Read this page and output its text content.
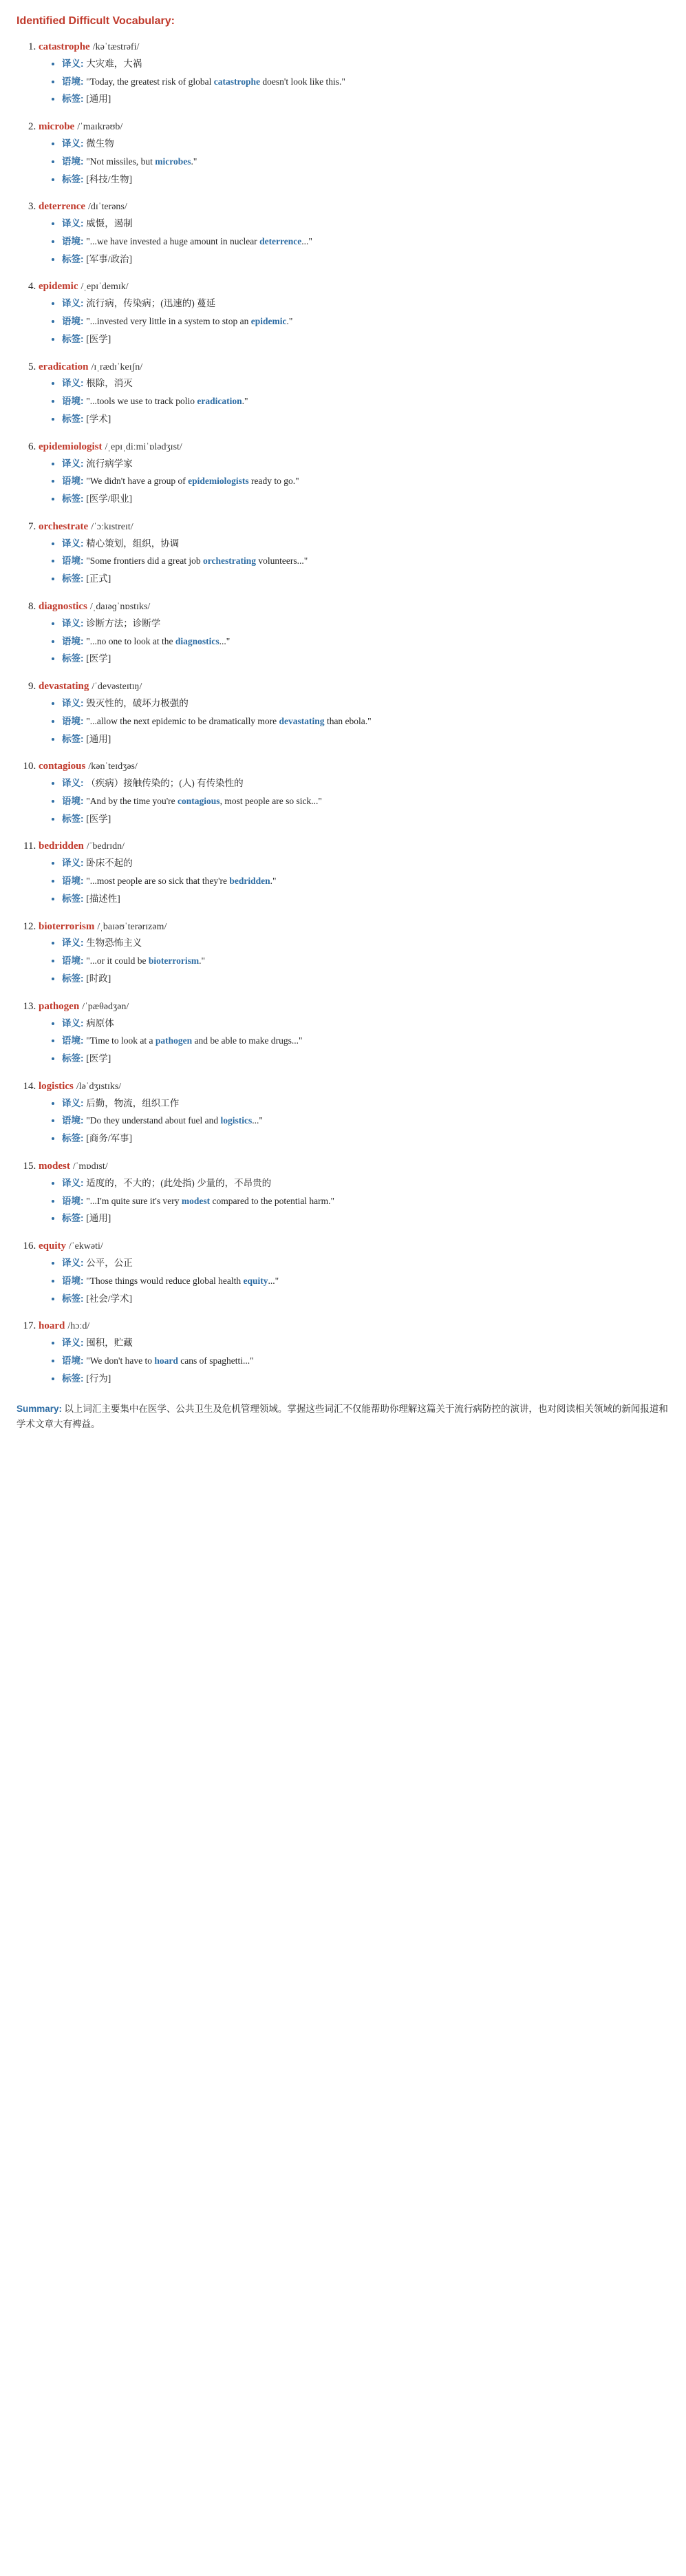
Identified Difficult Vocabulary:
1. catastrophe /kəˈtæstrəfi/
• 译义: 大灾难，大祸
• 语境: "Today, the greatest risk of global catastrophe doesn't look like this."
• 标签: [通用]
2. microbe /ˈmaɪkrəʊb/
• 译义: 微生物
• 语境: "Not missiles, but microbes."
• 标签: [科技/生物]
3. deterrence /dɪˈterəns/
• 译义: 威慑，遏制
• 语境: "...we have invested a huge amount in nuclear deterrence..."
• 标签: [军事/政治]
4. epidemic /ˌepɪˈdemɪk/
• 译义: 流行病，传染病；(迅速的) 蔓延
• 语境: "...invested very little in a system to stop an epidemic."
• 标签: [医学]
5. eradication /ɪˌrædɪˈkeɪʃn/
• 译义: 根除，消灭
• 语境: "...tools we use to track polio eradication."
• 标签: [学术]
6. epidemiologist /ˌepɪˌdiːmiˈɒlədʒɪst/
• 译义: 流行病学家
• 语境: "We didn't have a group of epidemiologists ready to go."
• 标签: [医学/职业]
7. orchestrate /ˈɔːkɪstreɪt/
• 译义: 精心策划，组织，协调
• 语境: "Some frontiers did a great job orchestrating volunteers..."
• 标签: [正式]
8. diagnostics /ˌdaɪəɡˈnɒstɪks/
• 译义: 诊断方法；诊断学
• 语境: "...no one to look at the diagnostics..."
• 标签: [医学]
9. devastating /ˈdevəsteɪtɪŋ/
• 译义: 毁灭性的，破坏力极强的
• 语境: "...allow the next epidemic to be dramatically more devastating than ebola."
• 标签: [通用]
10. contagious /kənˈteɪdʒəs/
• 译义: （疾病）接触传染的；(人) 有传染性的
• 语境: "And by the time you're contagious, most people are so sick..."
• 标签: [医学]
11. bedridden /ˈbedrɪdn/
• 译义: 卧床不起的
• 语境: "...most people are so sick that they're bedridden."
• 标签: [描述性]
12. bioterrorism /ˌbaɪəʊˈterərɪzəm/
• 译义: 生物恐怖主义
• 语境: "...or it could be bioterrorism."
• 标签: [时政]
13. pathogen /ˈpæθədʒən/
• 译义: 病原体
• 语境: "Time to look at a pathogen and be able to make drugs..."
• 标签: [医学]
14. logistics /ləˈdʒɪstɪks/
• 译义: 后勤，物流，组织工作
• 语境: "Do they understand about fuel and logistics..."
• 标签: [商务/军事]
15. modest /ˈmɒdɪst/
• 译义: 适度的，不大的；(此处指) 少量的，不昂贵的
• 语境: "...I'm quite sure it's very modest compared to the potential harm."
• 标签: [通用]
16. equity /ˈekwəti/
• 译义: 公平，公正
• 语境: "Those things would reduce global health equity..."
• 标签: [社会/学术]
17. hoard /hɔːd/
• 译义: 囤积，贮藏
• 语境: "We don't have to hoard cans of spaghetti..."
• 标签: [行为]
Summary: 以上词汇主要集中在医学、公共卫生及危机管理领域。掌握这些词汇不仅能帮助你理解这篇关于流行病防控的演讲，也对阅读相关领域的新闻报道和学术文章大有裨益。
